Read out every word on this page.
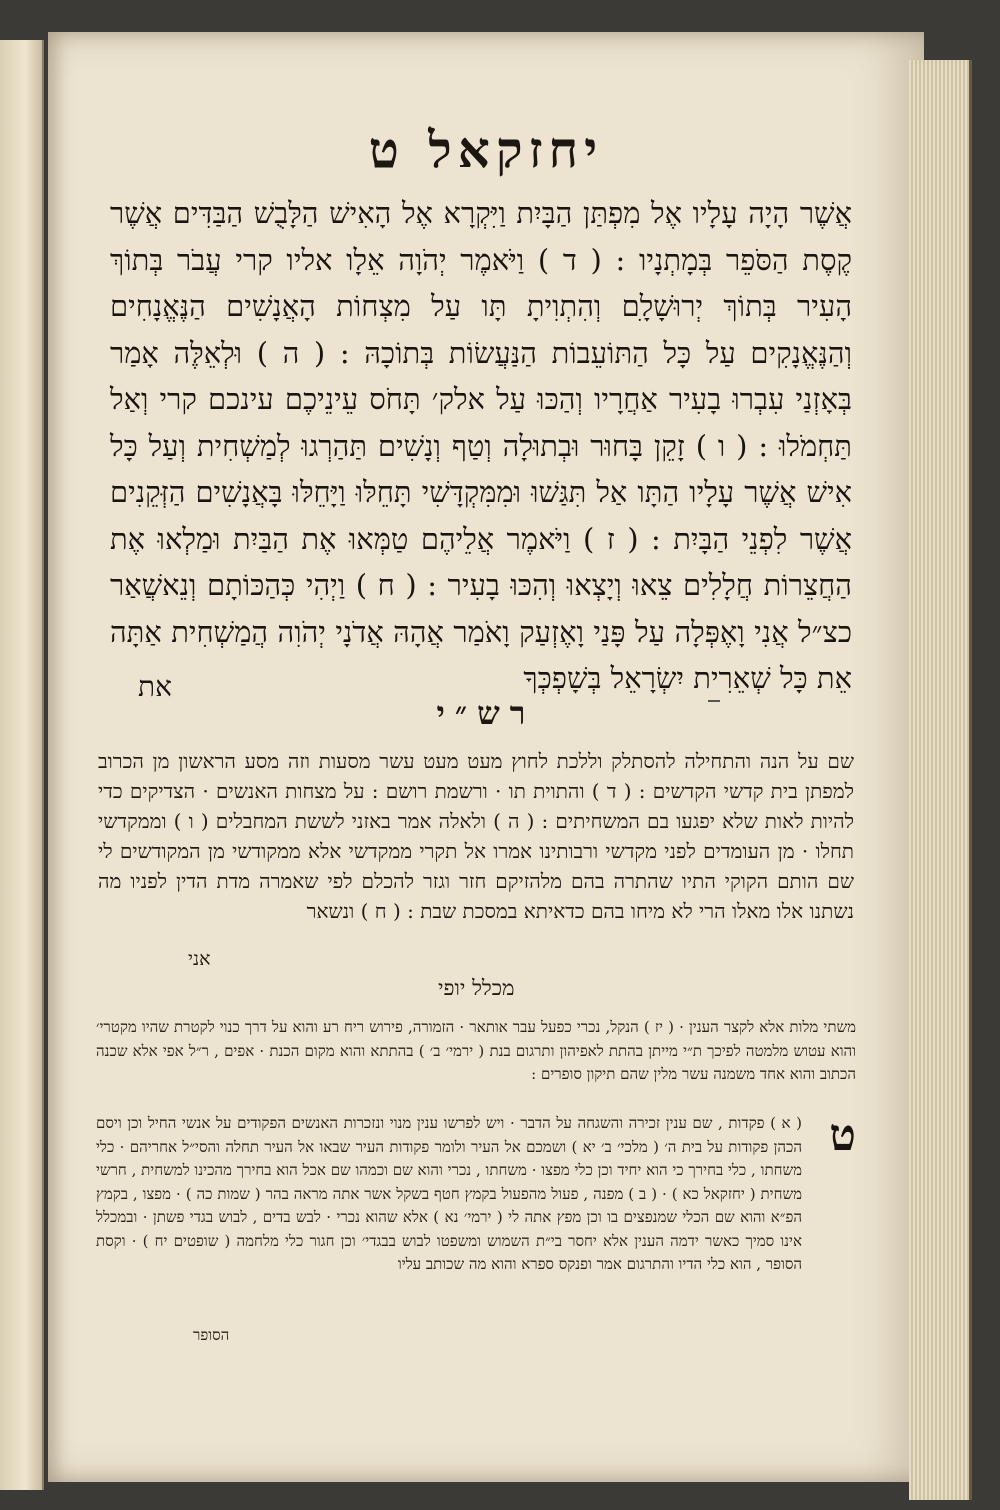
יחזקאל ט
אֲשֶׁר הָיָה עָלָיו אֶל מִפְתַּן הַבָּיִת וַיִּקְרָא אֶל הָאִישׁ הַלָּבֻשׁ הַבַּדִּים אֲשֶׁר קֶסֶת הַסֹּפֵר בְּמָתְנָיו : ( ד ) וַיֹּאמֶר יְהֹוָה אֵלָו אליו קרי עֲבֹר בְּתוֹךְ הָעִיר בְּתוֹךְ יְרוּשָׁלָ‍ִם וְהִתְוִיתָ תָּו עַל מִצְחוֹת הָאֲנָשִׁים הַנֶּאֱנָחִים וְהַנֶּאֱנָקִים עַל כָּל הַתּוֹעֵבוֹת הַנַּעֲשׂוֹת בְּתוֹכָהּ : ( ה ) וּלְאֵלֶּה אָמַר בְּאָזְנַי עִבְרוּ בָעִיר אַחֲרָיו וְהַכּוּ עַל אלק׳ תָּחֹס עֵינֵיכֶם עינכם קרי וְאַל תַּחְמֹלוּ : ( ו ) זָקֵן בָּחוּר וּבְתוּלָה וְטַף וְנָשִׁים תַּהַרְגוּ לְמַשְׁחִית וְעַל כָּל אִישׁ אֲשֶׁר עָלָיו הַתָּו אַל תִּגַּשׁוּ וּמִמִּקְדָּשִׁי תָּחֵלּוּ וַיָּחֵלּוּ בָּאֲנָשִׁים הַזְּקֵנִים אֲשֶׁר לִפְנֵי הַבָּיִת : ( ז ) וַיֹּאמֶר אֲלֵיהֶם טַמְּאוּ אֶת הַבַּיִת וּמַלְאוּ אֶת הַחֲצֵרוֹת חֲלָלִים צֵאוּ וְיָצְאוּ וְהִכּוּ בָעִיר : ( ח ) וַיְהִי כְּהַכּוֹתָם וְנֵאשֲׁאַר כצ״ל אֲנִי וָאֶפְּלָה עַל פָּנַי וָאֶזְעַק וָאֹמַר אֲהָהּ אֲדֹנָי יְהֹוִה הֲמַשְׁחִית אַתָּה אֵת כָּל שְׁאֵרִית יִשְׂרָאֵל בְּשָׁפְכְּךָ
את
רש״י
שם על הנה והתחילה להסתלק וללכת לחוץ מעט מעט עשר מסעות וזה מסע הראשון מן הכרוב למפתן בית קדשי הקדשים : ( ד ) והתוית תו · ורשמת רושם : על מצחות האנשים · הצדיקים כדי להיות לאות שלא יפגעו בם המשחיתים : ( ה ) ולאלה אמר באזני לששת המחבלים ( ו ) וממקדשי תחלו · מן העומדים לפני מקדשי ורבותינו אמרו אל תקרי ממקדשי אלא ממקודשי מן המקודשים לי שם הותם הקוקי התיו שהתרה בהם מלהזיקם חזר וגזר להכלם לפי שאמרה מדת הדין לפניו מה נשתנו אלו מאלו הרי לא מיחו בהם כדאיתא במסכת שבת : ( ח ) ונשאר
אני
מכלל יופי
משתי מלות אלא לקצר הענין · ( יז ) הנקל, נכרי כפעל עבר אותאר · הזמורה, פירוש ריח רע והוא על דרך כנוי לקטרת שהיו מקטרי׳ והוא עטוש מלמטה לפיכך ת״י מייתן בהתת לאפיהון ותרגום בנת ( ירמי׳ ב׳ ) בהתתא והוא מקום הכנת · אפים , ר״ל אפי אלא שכנה הכתוב והוא אחד משמנה עשר מלין שהם תיקון סופרים :
ט
( א ) פקדות , שם ענין זכירה והשגחה על הדבר · ויש לפרשו ענין מנוי ונזכרות האנשים הפקודים על אנשי החיל וכן ויסם הכהן פקודות על בית ה׳ ( מלכי׳ ב׳ יא ) ושמכם אל העיר ולומר פקודות העיר שבאו אל העיר תחלה והסי״ל אחריהם · כלי משחתו , כלי בחירך כי הוא יחיד וכן כלי מפצו · משחתו , נכרי והוא שם וכמהו שם אכל הוא בחירך מהכינו למשחית , חרשי משחית ( יחזקאל כא ) · ( ב ) מפנה , פעול מהפעול בקמץ חטף בשקל אשר אתה מראה בהר ( שמות כה ) · מפצו , בקמץ הפ״א והוא שם הכלי שמנפצים בו וכן מפץ אתה לי ( ירמי׳ נא ) אלא שהוא נכרי · לבש בדים , לבוש בגדי פשתן · ובמכלל אינו סמיך כאשר ידמה הענין אלא יחסר בי״ת השמוש ומשפטו לבוש בבגדי׳ וכן חגור כלי מלחמה ( שופטים יח ) · וקסת הסופר , הוא כלי הדיו והתרגום אמר ופנקס ספרא והוא מה שכותב עליו
הסופר
